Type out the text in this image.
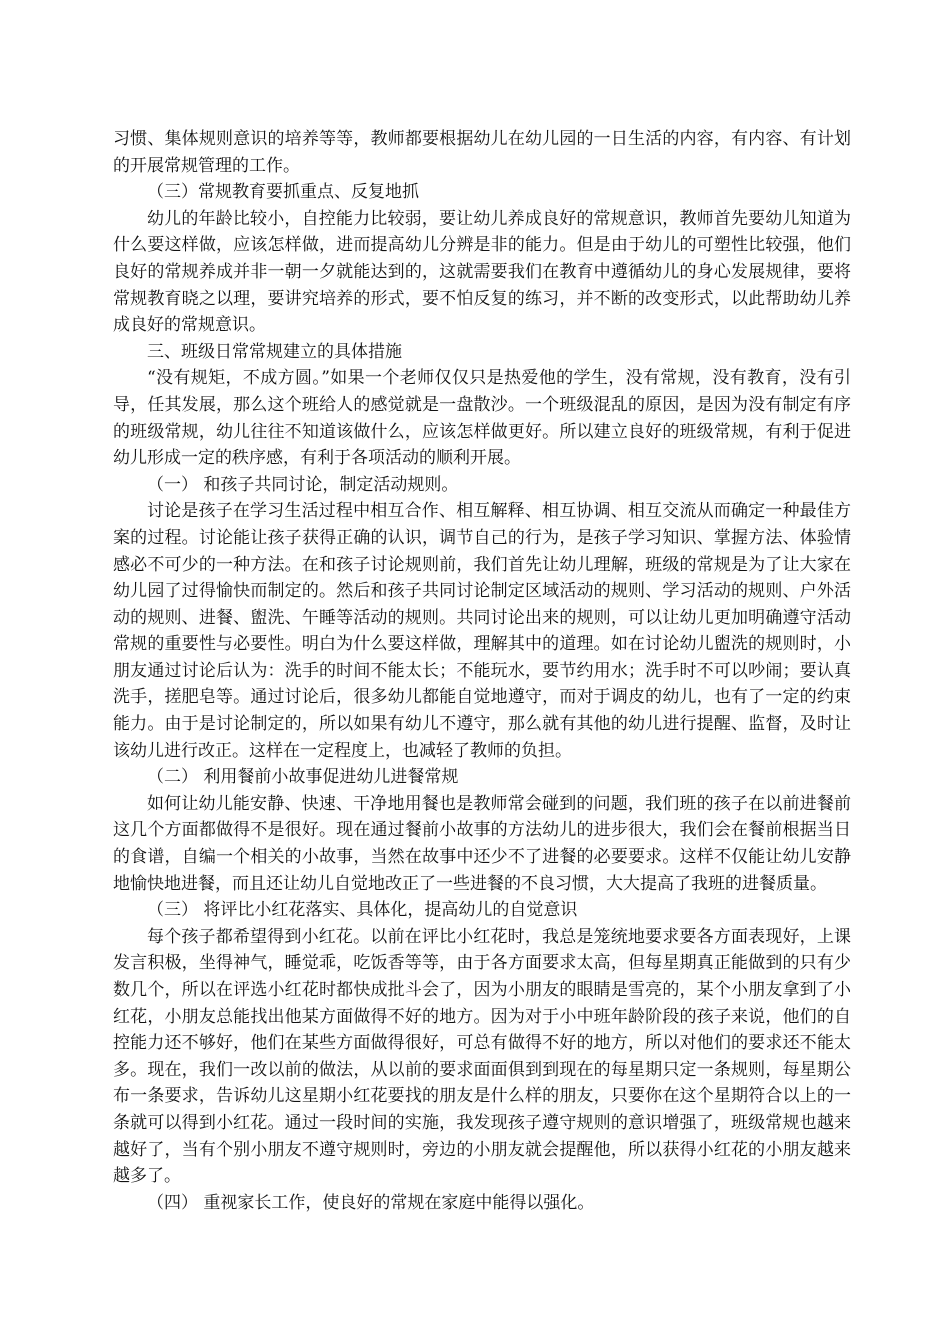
习惯、集体规则意识的培养等等，教师都要根据幼儿在幼儿园的一日生活的内容，有内容、有计划的开展常规管理的工作。

（三）常规教育要抓重点、反复地抓

幼儿的年龄比较小，自控能力比较弱，要让幼儿养成良好的常规意识，教师首先要幼儿知道为什么要这样做，应该怎样做，进而提高幼儿分辨是非的能力。但是由于幼儿的可塑性比较强，他们良好的常规养成并非一朝一夕就能达到的，这就需要我们在教育中遵循幼儿的身心发展规律，要将常规教育晓之以理，要讲究培养的形式，要不怕反复的练习，并不断的改变形式，以此帮助幼儿养成良好的常规意识。

三、班级日常常规建立的具体措施

“没有规矩，不成方圆。”如果一个老师仅仅只是热爱他的学生，没有常规，没有教育，没有引导，任其发展，那么这个班给人的感觉就是一盘散沙。一个班级混乱的原因，是因为没有制定有序的班级常规，幼儿往往不知道该做什么，应该怎样做更好。所以建立良好的班级常规，有利于促进幼儿形成一定的秩序感，有利于各项活动的顺利开展。

（一） 和孩子共同讨论，制定活动规则。

讨论是孩子在学习生活过程中相互合作、相互解释、相互协调、相互交流从而确定一种最佳方案的过程。讨论能让孩子获得正确的认识，调节自己的行为，是孩子学习知识、掌握方法、体验情感必不可少的一种方法。在和孩子讨论规则前，我们首先让幼儿理解，班级的常规是为了让大家在幼儿园了过得愉快而制定的。然后和孩子共同讨论制定区域活动的规则、学习活动的规则、户外活动的规则、进餐、盥洗、午睡等活动的规则。共同讨论出来的规则，可以让幼儿更加明确遵守活动常规的重要性与必要性。明白为什么要这样做，理解其中的道理。如在讨论幼儿盥洗的规则时，小朋友通过讨论后认为：洗手的时间不能太长；不能玩水，要节约用水；洗手时不可以吵闹；要认真洗手，搓肥皂等。通过讨论后，很多幼儿都能自觉地遵守，而对于调皮的幼儿，也有了一定的约束能力。由于是讨论制定的，所以如果有幼儿不遵守，那么就有其他的幼儿进行提醒、监督，及时让该幼儿进行改正。这样在一定程度上，也减轻了教师的负担。

（二） 利用餐前小故事促进幼儿进餐常规

如何让幼儿能安静、快速、干净地用餐也是教师常会碰到的问题，我们班的孩子在以前进餐前这几个方面都做得不是很好。现在通过餐前小故事的方法幼儿的进步很大，我们会在餐前根据当日的食谱，自编一个相关的小故事，当然在故事中还少不了进餐的必要要求。这样不仅能让幼儿安静地愉快地进餐，而且还让幼儿自觉地改正了一些进餐的不良习惯，大大提高了我班的进餐质量。

（三） 将评比小红花落实、具体化，提高幼儿的自觉意识

每个孩子都希望得到小红花。以前在评比小红花时，我总是笼统地要求要各方面表现好，上课发言积极，坐得神气，睡觉乖，吃饭香等等，由于各方面要求太高，但每星期真正能做到的只有少数几个，所以在评选小红花时都快成批斗会了，因为小朋友的眼睛是雪亮的，某个小朋友拿到了小红花，小朋友总能找出他某方面做得不好的地方。因为对于小中班年龄阶段的孩子来说，他们的自控能力还不够好，他们在某些方面做得很好，可总有做得不好的地方，所以对他们的要求还不能太多。现在，我们一改以前的做法，从以前的要求面面俱到到现在的每星期只定一条规则，每星期公布一条要求，告诉幼儿这星期小红花要找的朋友是什么样的朋友，只要你在这个星期符合以上的一条就可以得到小红花。通过一段时间的实施，我发现孩子遵守规则的意识增强了，班级常规也越来越好了，当有个别小朋友不遵守规则时，旁边的小朋友就会提醒他，所以获得小红花的小朋友越来越多了。

（四） 重视家长工作，使良好的常规在家庭中能得以强化。
